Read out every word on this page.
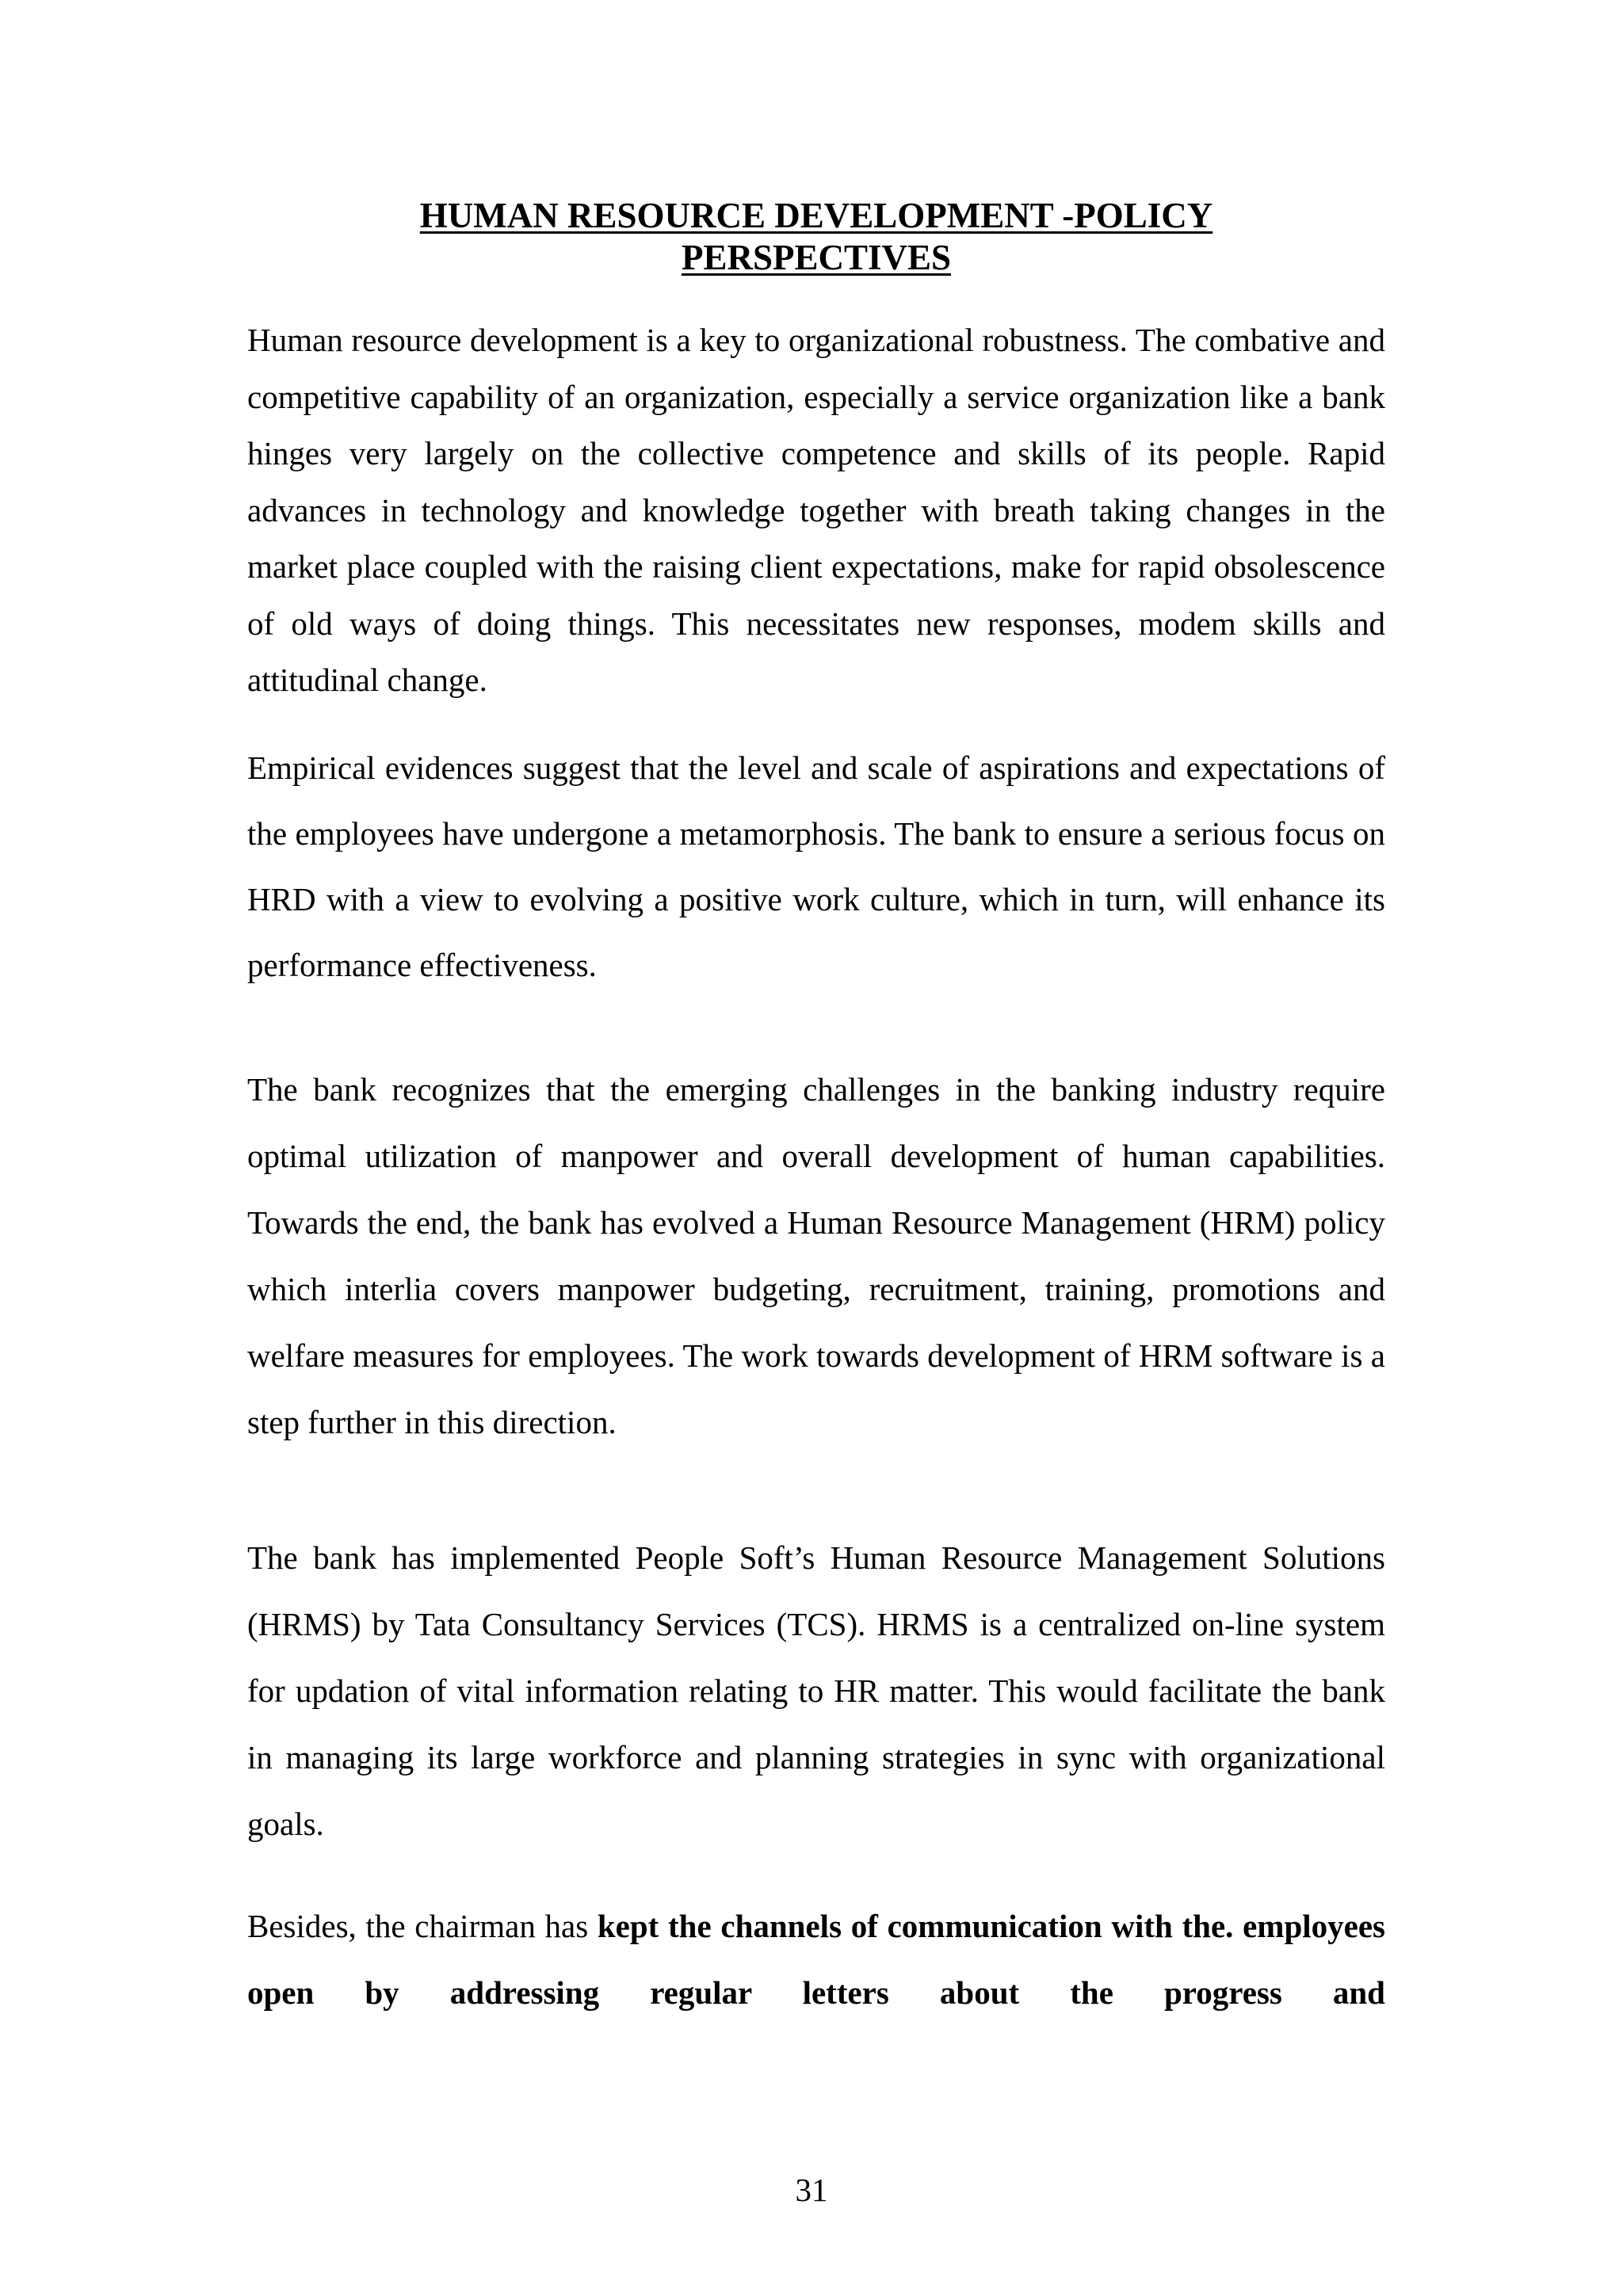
HUMAN RESOURCE DEVELOPMENT -POLICY
PERSPECTIVES

Human resource development is a key to organizational robustness. The combative and competitive capability of an organization, especially a service organization like a bank hinges very largely on the collective competence and skills of its people. Rapid advances in technology and knowledge together with breath taking changes in the market place coupled with the raising client expectations, make for rapid obsolescence of old ways of doing things. This necessitates new responses, modem skills and attitudinal change.

Empirical evidences suggest that the level and scale of aspirations and expectations of the employees have undergone a metamorphosis. The bank to ensure a serious focus on HRD with a view to evolving a positive work culture, which in turn, will enhance its performance effectiveness.

The bank recognizes that the emerging challenges in the banking industry require optimal utilization of manpower and overall development of human capabilities. Towards the end, the bank has evolved a Human Resource Management (HRM) policy which interlia covers manpower budgeting, recruitment, training, promotions and welfare measures for employees. The work towards development of HRM software is a step further in this direction.

The bank has implemented People Soft’s Human Resource Management Solutions (HRMS) by Tata Consultancy Services (TCS). HRMS is a centralized on-line system for updation of vital information relating to HR matter. This would facilitate the bank in managing its large workforce and planning strategies in sync with organizational goals.

Besides, the chairman has kept the channels of communication with the. employees open by addressing regular letters about the progress and

31
